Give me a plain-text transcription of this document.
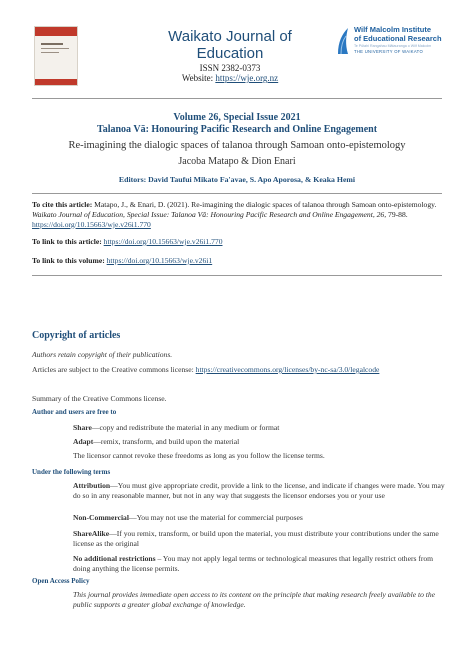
Waikato Journal of
Education
ISSN 2382-0373
Website: https://wje.org.nz
Wilf Malcolm Institute
of Educational Research
Te Pūtahi Rangahau Mātauranga o Wilf Malcolm
THE UNIVERSITY OF WAIKATO
Volume 26, Special Issue 2021
Talanoa Vā: Honouring Pacific Research and Online Engagement
Re-imagining the dialogic spaces of talanoa through Samoan onto-epistemology
Jacoba Matapo & Dion Enari
Editors: David Taufui Mikato Fa'avae, S. Apo Aporosa, & Keaka Hemi
To cite this article: Matapo, J., & Enari, D. (2021). Re-imagining the dialogic spaces of talanoa through Samoan onto-epistemology. Waikato Journal of Education, Special Issue: Talanoa Vā: Honouring Pacific Research and Online Engagement, 26, 79-88. https://doi.org/10.15663/wje.v26i1.770
To link to this article: https://doi.org/10.15663/wje.v26i1.770
To link to this volume: https://doi.org/10.15663/wje.v26i1
Copyright of articles
Authors retain copyright of their publications.
Articles are subject to the Creative commons license: https://creativecommons.org/licenses/by-nc-sa/3.0/legalcode
Summary of the Creative Commons license.
Author and users are free to
Share—copy and redistribute the material in any medium or format
Adapt—remix, transform, and build upon the material
The licensor cannot revoke these freedoms as long as you follow the license terms.
Under the following terms
Attribution—You must give appropriate credit, provide a link to the license, and indicate if changes were made. You may do so in any reasonable manner, but not in any way that suggests the licensor endorses you or your use
Non-Commercial—You may not use the material for commercial purposes
ShareAlike—If you remix, transform, or build upon the material, you must distribute your contributions under the same license as the original
No additional restrictions – You may not apply legal terms or technological measures that legally restrict others from doing anything the license permits.
Open Access Policy
This journal provides immediate open access to its content on the principle that making research freely available to the public supports a greater global exchange of knowledge.
